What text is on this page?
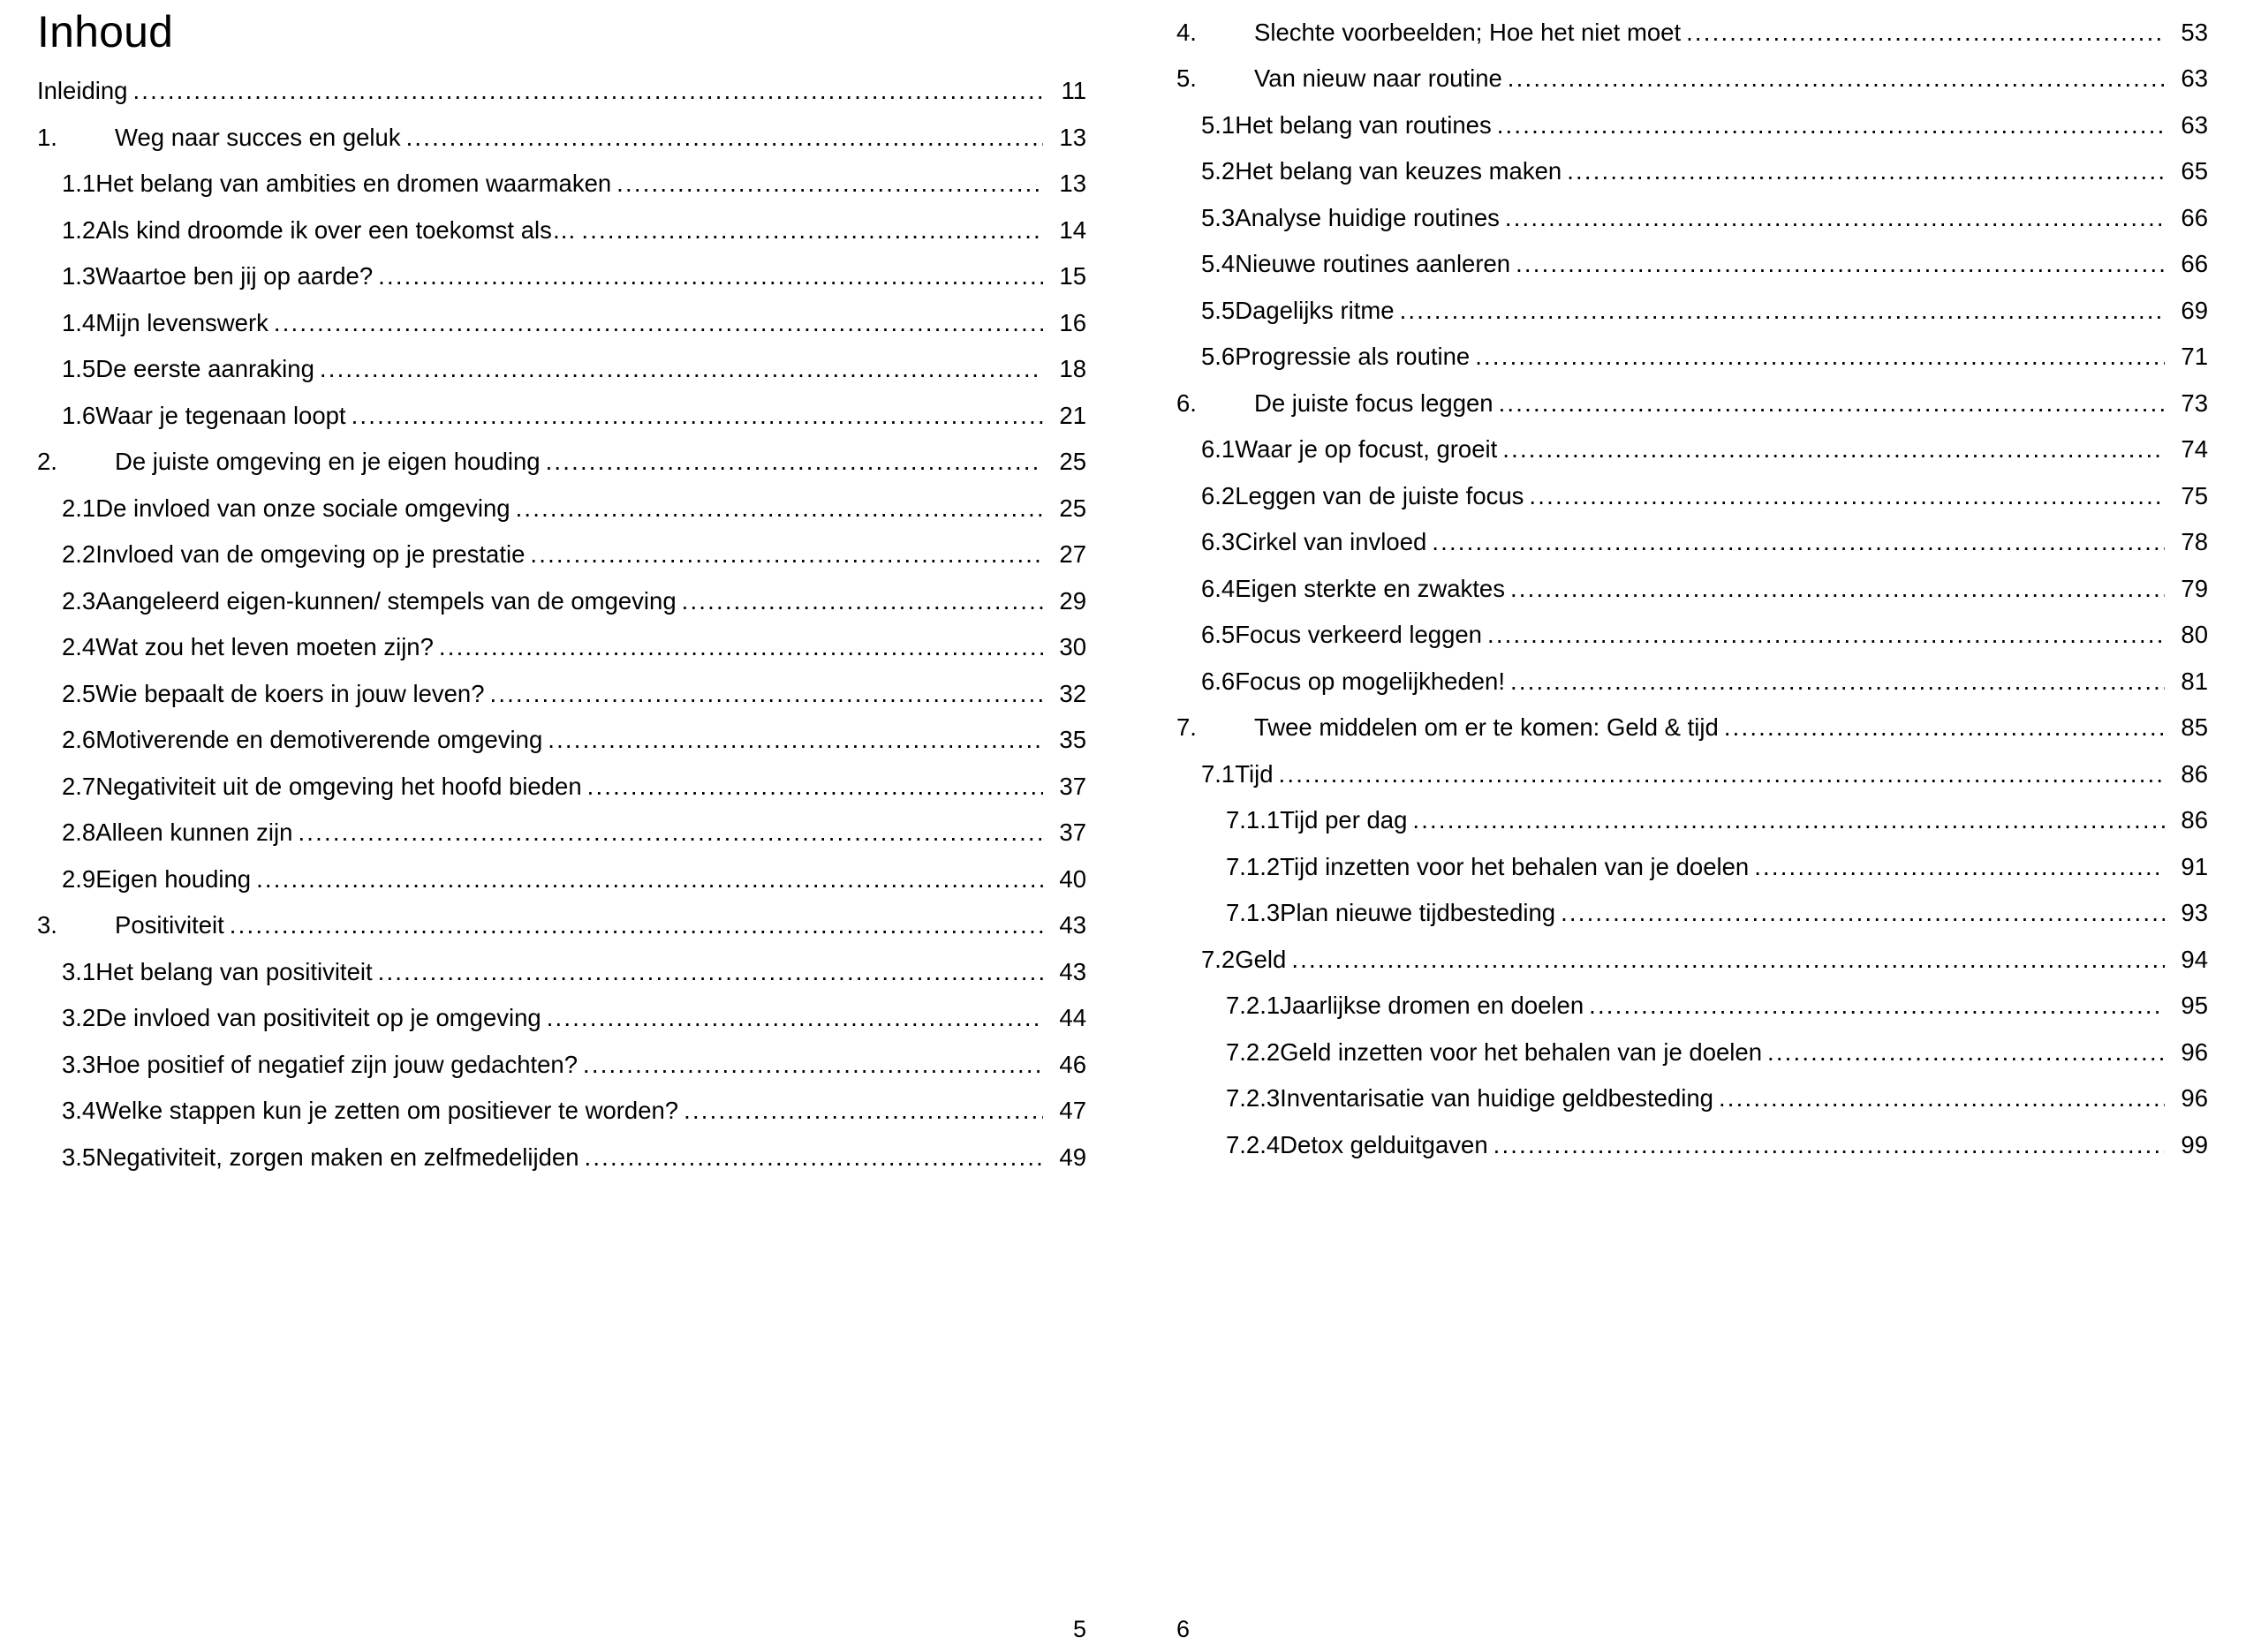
Inhoud
Inleiding .....	11
1.	Weg naar succes en geluk .....	13
1.1 Het belang van ambities en dromen waarmaken .....	13
1.2 Als kind droomde ik over een toekomst als… .....	14
1.3 Waartoe ben jij op aarde? .....	15
1.4 Mijn levenswerk .....	16
1.5 De eerste aanraking .....	18
1.6 Waar je tegenaan loopt .....	21
2.	De juiste omgeving en je eigen houding .....	25
2.1 De invloed van onze sociale omgeving .....	25
2.2 Invloed van de omgeving op je prestatie .....	27
2.3 Aangeleerd eigen-kunnen/ stempels van de omgeving .....	29
2.4 Wat zou het leven moeten zijn? .....	30
2.5 Wie bepaalt de koers in jouw leven? .....	32
2.6 Motiverende en demotiverende omgeving .....	35
2.7 Negativiteit uit de omgeving het hoofd bieden .....	37
2.8 Alleen kunnen zijn .....	37
2.9 Eigen houding .....	40
3.	Positiviteit .....	43
3.1 Het belang van positiviteit .....	43
3.2 De invloed van positiviteit op je omgeving .....	44
3.3 Hoe positief of negatief zijn jouw gedachten? .....	46
3.4 Welke stappen kun je zetten om positiever te worden? .....	47
3.5 Negativiteit, zorgen maken en zelfmedelijden .....	49
5
4.	Slechte voorbeelden; Hoe het niet moet .....	53
5.	Van nieuw naar routine .....	63
5.1 Het belang van routines .....	63
5.2 Het belang van keuzes maken .....	65
5.3 Analyse huidige routines .....	66
5.4 Nieuwe routines aanleren .....	66
5.5 Dagelijks ritme .....	69
5.6 Progressie als routine .....	71
6.	De juiste focus leggen .....	73
6.1 Waar je op focust, groeit .....	74
6.2 Leggen van de juiste focus .....	75
6.3 Cirkel van invloed .....	78
6.4 Eigen sterkte en zwaktes .....	79
6.5 Focus verkeerd leggen .....	80
6.6 Focus op mogelijkheden! .....	81
7.	Twee middelen om er te komen: Geld & tijd .....	85
7.1 Tijd .....	86
7.1.1 Tijd per dag .....	86
7.1.2 Tijd inzetten voor het behalen van je doelen .....	91
7.1.3 Plan nieuwe tijdbesteding .....	93
7.2 Geld .....	94
7.2.1 Jaarlijkse dromen en doelen .....	95
7.2.2 Geld inzetten voor het behalen van je doelen .....	96
7.2.3 Inventarisatie van huidige geldbesteding .....	96
7.2.4 Detox gelduitgaven .....	99
6
